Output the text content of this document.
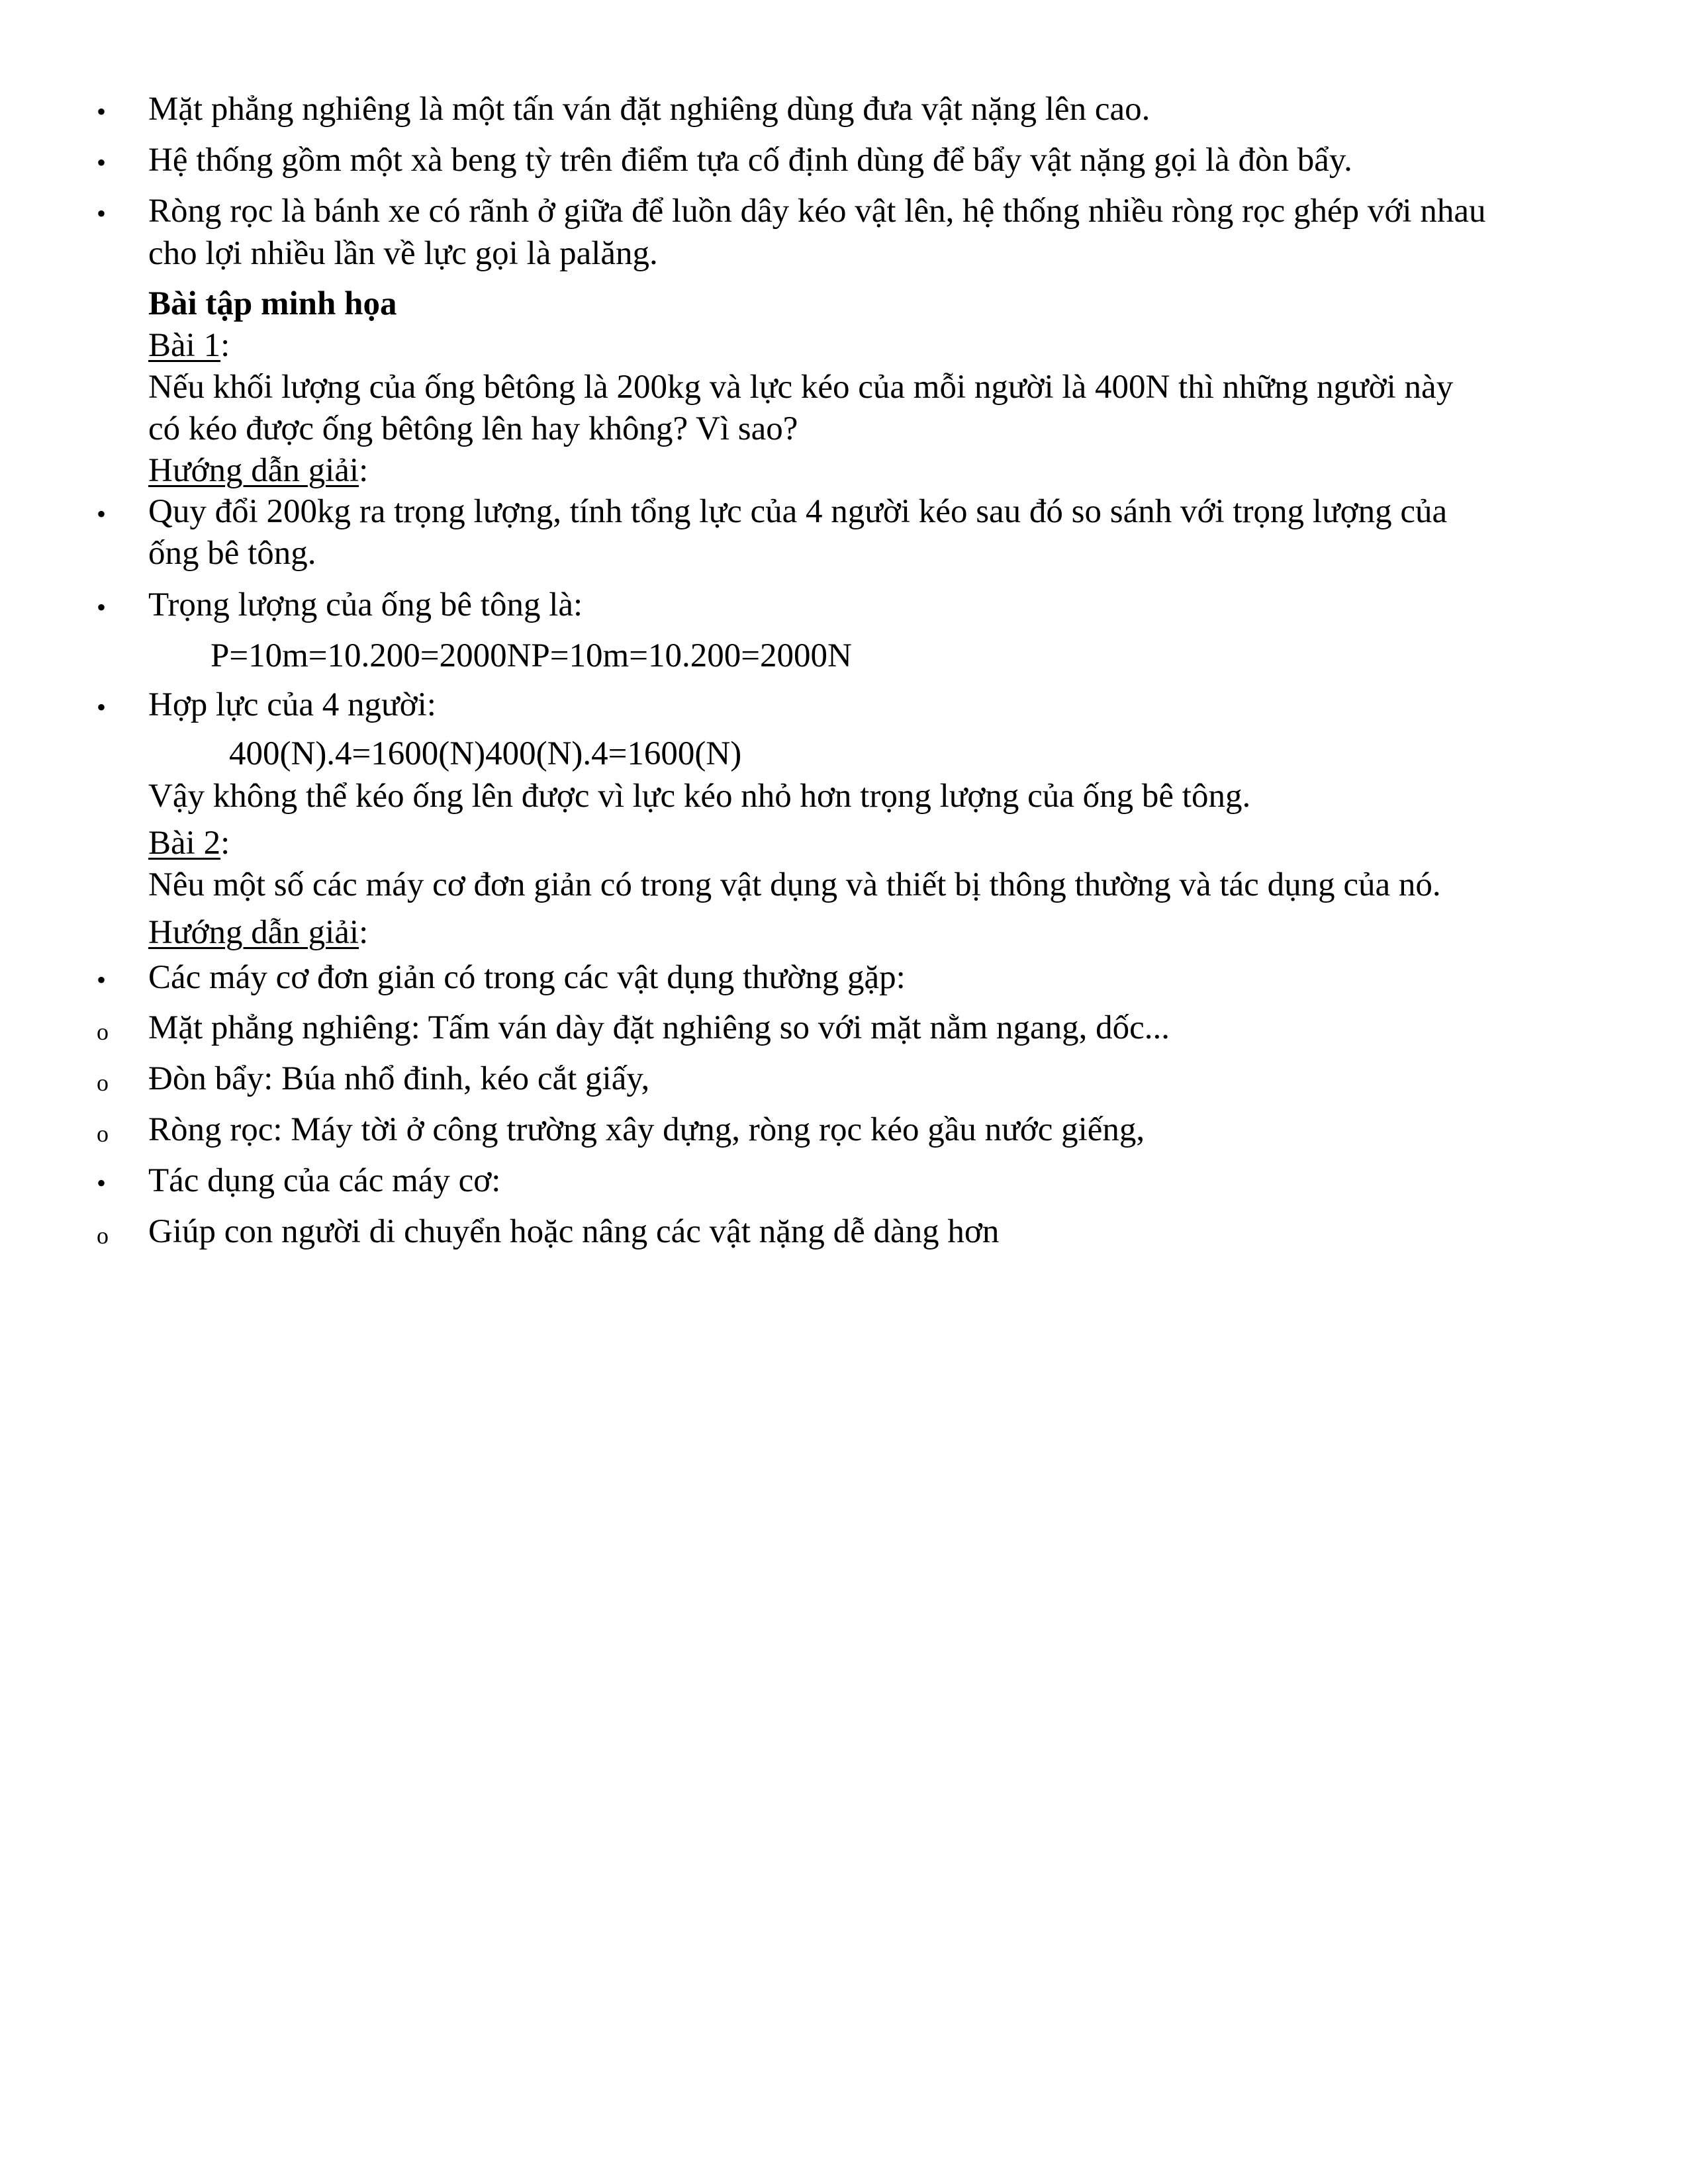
• Mặt phẳng nghiêng là một tấn ván đặt nghiêng dùng đưa vật nặng lên cao.
• Hệ thống gồm một xà beng tỳ trên điểm tựa cố định dùng để bẩy vật nặng gọi là đòn bẩy.
• Ròng rọc là bánh xe có rãnh ở giữa để luồn dây kéo vật lên, hệ thống nhiều ròng rọc ghép với nhau
cho lợi nhiều lần về lực gọi là palăng.
Bài tập minh họa
Bài 1:
Nếu khối lượng của ống bêtông là 200kg và lực kéo của mỗi người là 400N thì những người này
có kéo được ống bêtông lên hay không? Vì sao?
Hướng dẫn giải:
• Quy đổi 200kg ra trọng lượng, tính tổng lực của 4 người kéo sau đó so sánh với trọng lượng của
ống bê tông.
• Trọng lượng của ống bê tông là:
P=10m=10.200=2000NP=10m=10.200=2000N
• Hợp lực của 4 người:
400(N).4=1600(N)400(N).4=1600(N)
Vậy không thể kéo ống lên được vì lực kéo nhỏ hơn trọng lượng của ống bê tông.
Bài 2:
Nêu một số các máy cơ đơn giản có trong vật dụng và thiết bị thông thường và tác dụng của nó.
Hướng dẫn giải:
• Các máy cơ đơn giản có trong các vật dụng thường gặp:
o Mặt phẳng nghiêng: Tấm ván dày đặt nghiêng so với mặt nằm ngang, dốc...
o Đòn bẩy: Búa nhổ đinh, kéo cắt giấy,
o Ròng rọc: Máy tời ở công trường xây dựng, ròng rọc kéo gầu nước giếng,
• Tác dụng của các máy cơ:
o Giúp con người di chuyển hoặc nâng các vật nặng dễ dàng hơn
